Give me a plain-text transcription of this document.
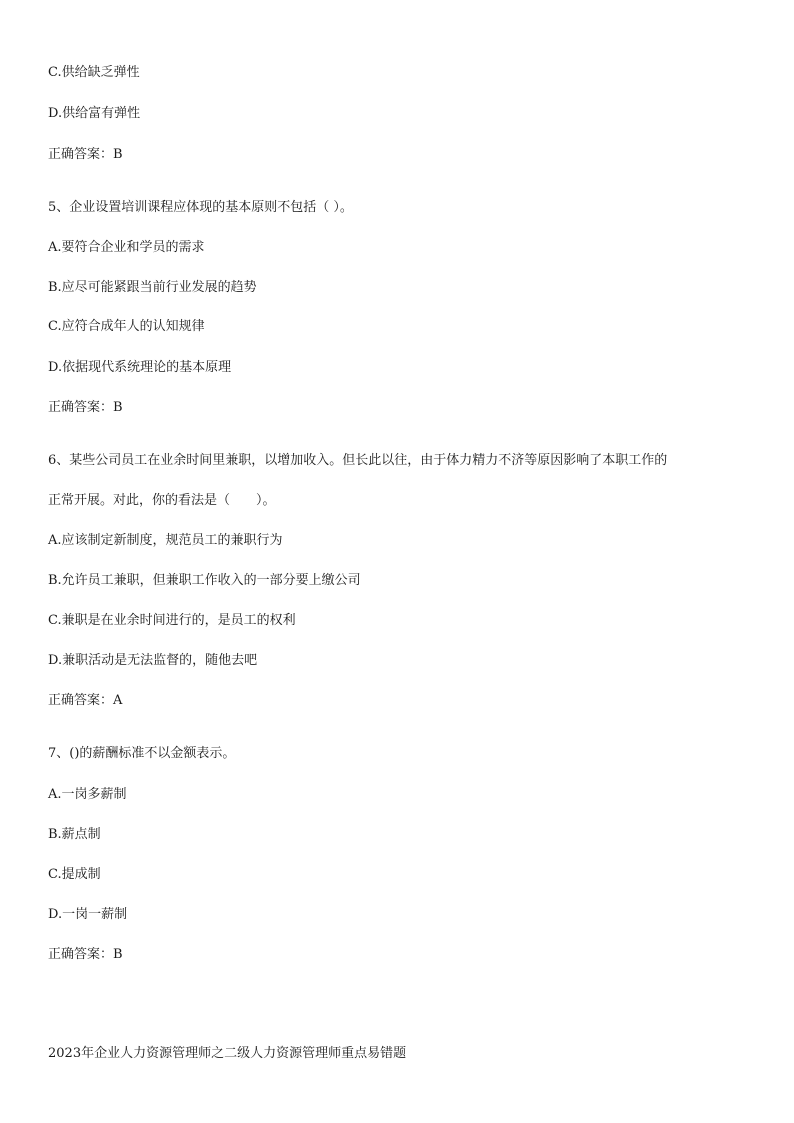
C.供给缺乏弹性
D.供给富有弹性
正确答案：B
5、企业设置培训课程应体现的基本原则不包括（ ）。
A.要符合企业和学员的需求
B.应尽可能紧跟当前行业发展的趋势
C.应符合成年人的认知规律
D.依据现代系统理论的基本原理
正确答案：B
6、某些公司员工在业余时间里兼职，以增加收入。但长此以往，由于体力精力不济等原因影响了本职工作的
正常开展。对此，你的看法是（　　）。
A.应该制定新制度，规范员工的兼职行为
B.允许员工兼职，但兼职工作收入的一部分要上缴公司
C.兼职是在业余时间进行的，是员工的权利
D.兼职活动是无法监督的，随他去吧
正确答案：A
7、()的薪酬标准不以金额表示。
A.一岗多薪制
B.薪点制
C.提成制
D.一岗一薪制
正确答案：B
2023年企业人力资源管理师之二级人力资源管理师重点易错题
